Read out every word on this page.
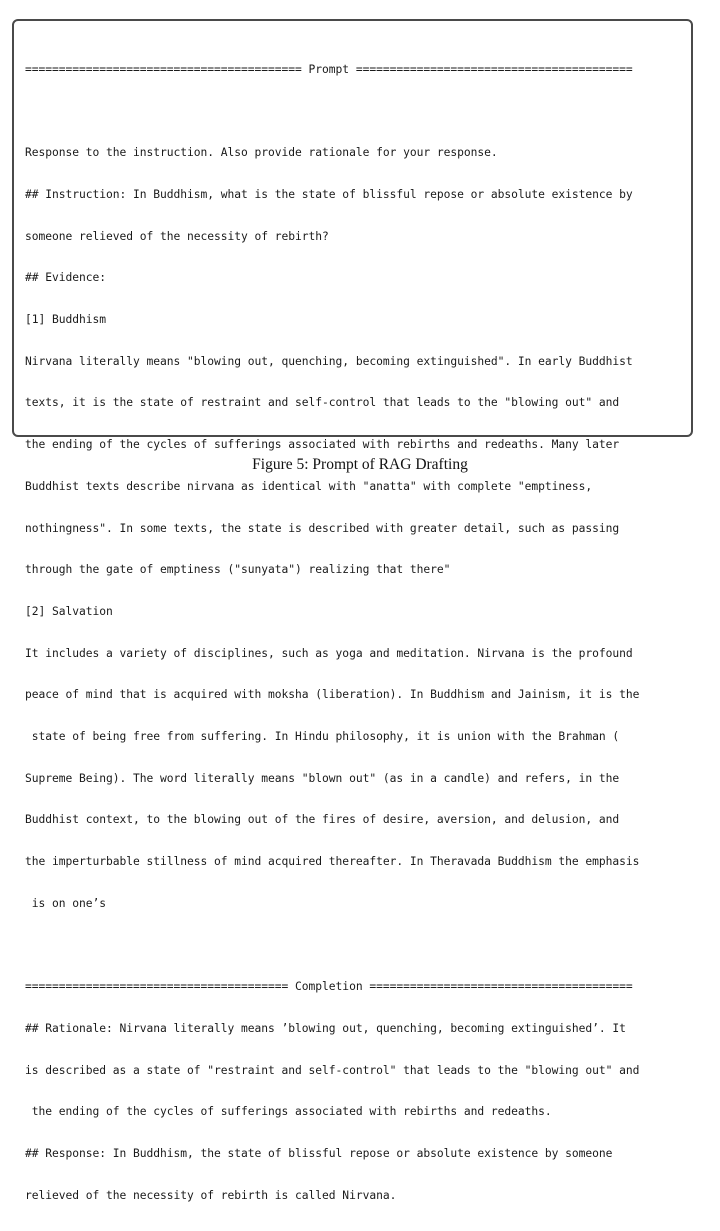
========================================= Prompt =========================================

Response to the instruction. Also provide rationale for your response.

## Instruction: In Buddhism, what is the state of blissful repose or absolute existence by

someone relieved of the necessity of rebirth?

## Evidence:

[1] Buddhism

Nirvana literally means "blowing out, quenching, becoming extinguished". In early Buddhist

texts, it is the state of restraint and self-control that leads to the "blowing out" and

the ending of the cycles of sufferings associated with rebirths and redeaths. Many later

Buddhist texts describe nirvana as identical with "anatta" with complete "emptiness,

nothingness". In some texts, the state is described with greater detail, such as passing

through the gate of emptiness ("sunyata") realizing that there"

[2] Salvation

It includes a variety of disciplines, such as yoga and meditation. Nirvana is the profound

peace of mind that is acquired with moksha (liberation). In Buddhism and Jainism, it is the

state of being free from suffering. In Hindu philosophy, it is union with the Brahman (

Supreme Being). The word literally means "blown out" (as in a candle) and refers, in the

Buddhist context, to the blowing out of the fires of desire, aversion, and delusion, and

the imperturbable stillness of mind acquired thereafter. In Theravada Buddhism the emphasis

is on one’s

======================================= Completion =======================================

## Rationale: Nirvana literally means ’blowing out, quenching, becoming extinguished’. It

is described as a state of "restraint and self-control" that leads to the "blowing out" and

the ending of the cycles of sufferings associated with rebirths and redeaths.

## Response: In Buddhism, the state of blissful repose or absolute existence by someone

relieved of the necessity of rebirth is called Nirvana.

Figure 5: Prompt of RAG Drafting
